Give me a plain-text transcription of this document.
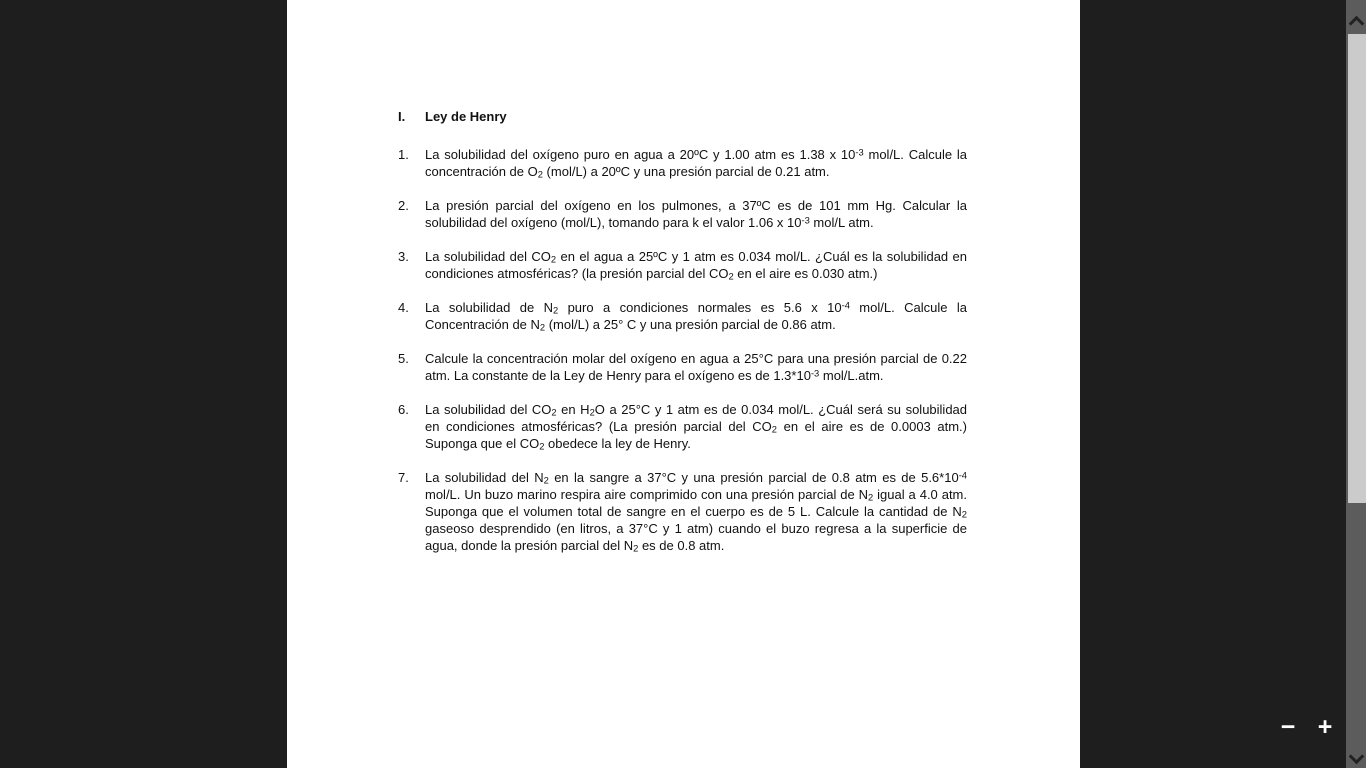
I.	Ley de Henry
1.	La solubilidad del oxígeno puro en agua a 20ºC y 1.00 atm es 1.38 x $10^{-3}$ mol/L. Calcule la concentración de $O_2$ (mol/L) a 20ºC y una presión parcial de 0.21 atm.

2.	La presión parcial del oxígeno en los pulmones, a 37ºC es de 101 mm Hg. Calcular la solubilidad del oxígeno (mol/L), tomando para k el valor 1.06 x $10^{-3}$ mol/L atm.

3.	La solubilidad del $CO_2$ en el agua a 25ºC y 1 atm es 0.034 mol/L. ¿Cuál es la solubilidad en condiciones atmosféricas? (la presión parcial del $CO_2$ en el aire es 0.030 atm.)

4.	La solubilidad de $N_2$ puro a condiciones normales es 5.6 x $10^{-4}$ mol/L. Calcule la Concentración de $N_2$ (mol/L) a 25° C y una presión parcial de 0.86 atm.

5.	Calcule la concentración molar del oxígeno en agua a 25°C para una presión parcial de 0.22 atm. La constante de la Ley de Henry para el oxígeno es de $1.3*10^{-3}$ mol/L.atm.

6.	La solubilidad del $CO_2$ en $H_2O$ a 25°C y 1 atm es de 0.034 mol/L. ¿Cuál será su solubilidad en condiciones atmosféricas? (La presión parcial del $CO_2$ en el aire es de 0.0003 atm.) Suponga que el $CO_2$ obedece la ley de Henry.

7.	La solubilidad del $N_2$ en la sangre a 37°C y una presión parcial de 0.8 atm es de $5.6*10^{-4}$ mol/L. Un buzo marino respira aire comprimido con una presión parcial de $N_2$ igual a 4.0 atm. Suponga que el volumen total de sangre en el cuerpo es de 5 L. Calcule la cantidad de $N_2$ gaseoso desprendido (en litros, a 37°C y 1 atm) cuando el buzo regresa a la superficie de agua, donde la presión parcial del $N_2$ es de 0.8 atm.

− +
